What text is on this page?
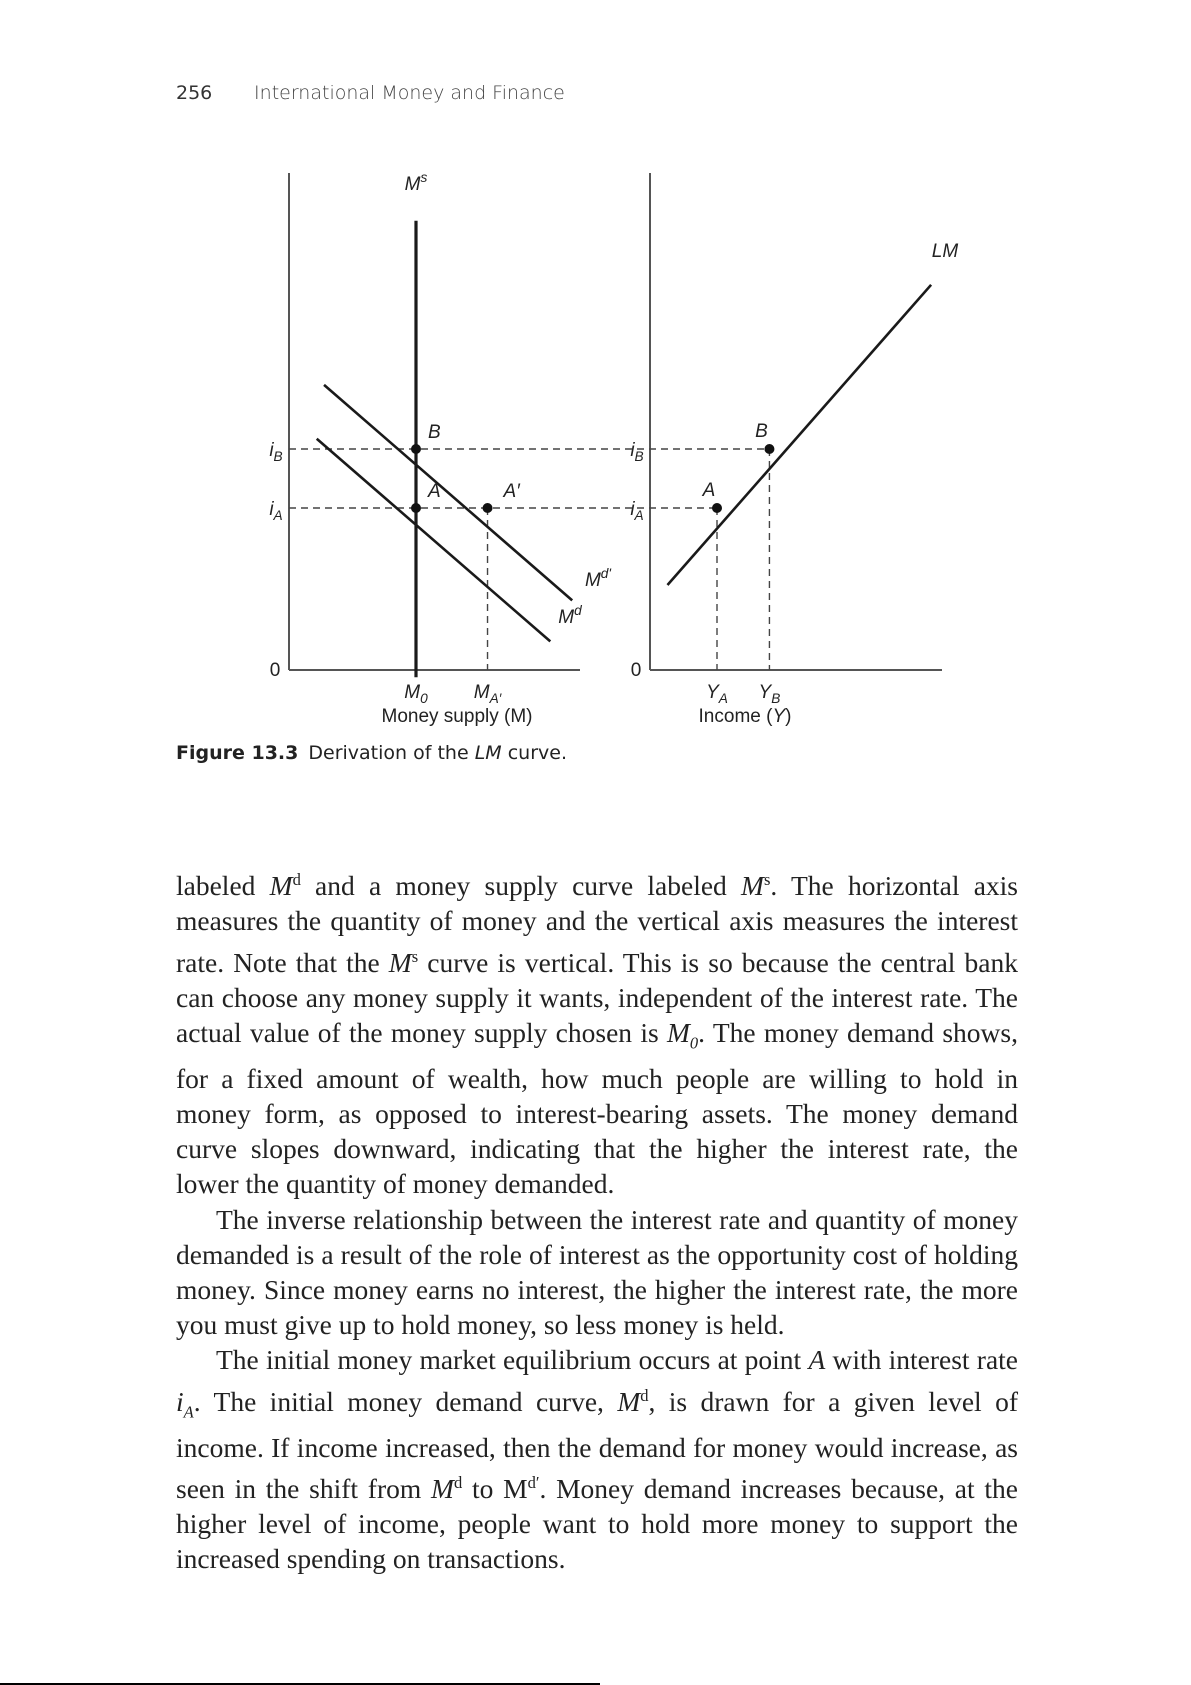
256 International Money and Finance
0	0
$i_B$	$i_B$
$i_A$	$i_A$
$M^s$
$M^{d'}$
$M^d$
LM
B
A	A′	A
B
$M_0$ $M_{A'}$	$Y_A$ $Y_B$
Money supply (M)	Income (Y)
Figure 13.3 Derivation of the LM curve.

labeled $M^d$ and a money supply curve labeled $M^s$. The horizontal axis measures the quantity of money and the vertical axis measures the interest rate. Note that the $M^s$ curve is vertical. This is so because the central bank can choose any money supply it wants, independent of the interest rate. The actual value of the money supply chosen is $M_0$. The money demand shows, for a fixed amount of wealth, how much people are willing to hold in money form, as opposed to interest-bearing assets. The money demand curve slopes downward, indicating that the higher the interest rate, the lower the quantity of money demanded.

The inverse relationship between the interest rate and quantity of money demanded is a result of the role of interest as the opportunity cost of holding money. Since money earns no interest, the higher the interest rate, the more you must give up to hold money, so less money is held.

The initial money market equilibrium occurs at point A with interest rate $i_A$. The initial money demand curve, $M^d$, is drawn for a given level of income. If income increased, then the demand for money would increase, as seen in the shift from $M^d$ to $M^{d'}$. Money demand increases because, at the higher level of income, people want to hold more money to support the increased spending on transactions.
